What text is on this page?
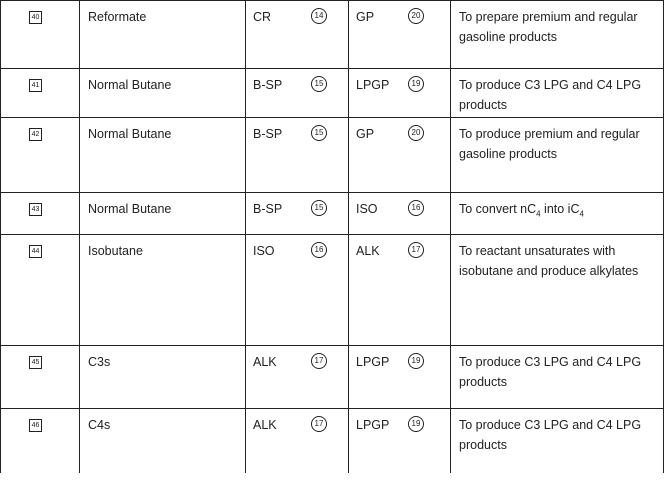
40	Reformate	CR 14	GP 20	To prepare premium and regular gasoline products
41	Normal Butane	B-SP 15	LPGP 19	To produce C3 LPG and C4 LPG products
42	Normal Butane	B-SP 15	GP 20	To produce premium and regular gasoline products
43	Normal Butane	B-SP 15	ISO 16	To convert $nC_4$ into $iC_4$
44	Isobutane	ISO 16	ALK 17	To reactant unsaturates with isobutane and produce alkylates
45	C3s	ALK 17	LPGP 19	To produce C3 LPG and C4 LPG products
46	C4s	ALK 17	LPGP 19	To produce C3 LPG and C4 LPG products
